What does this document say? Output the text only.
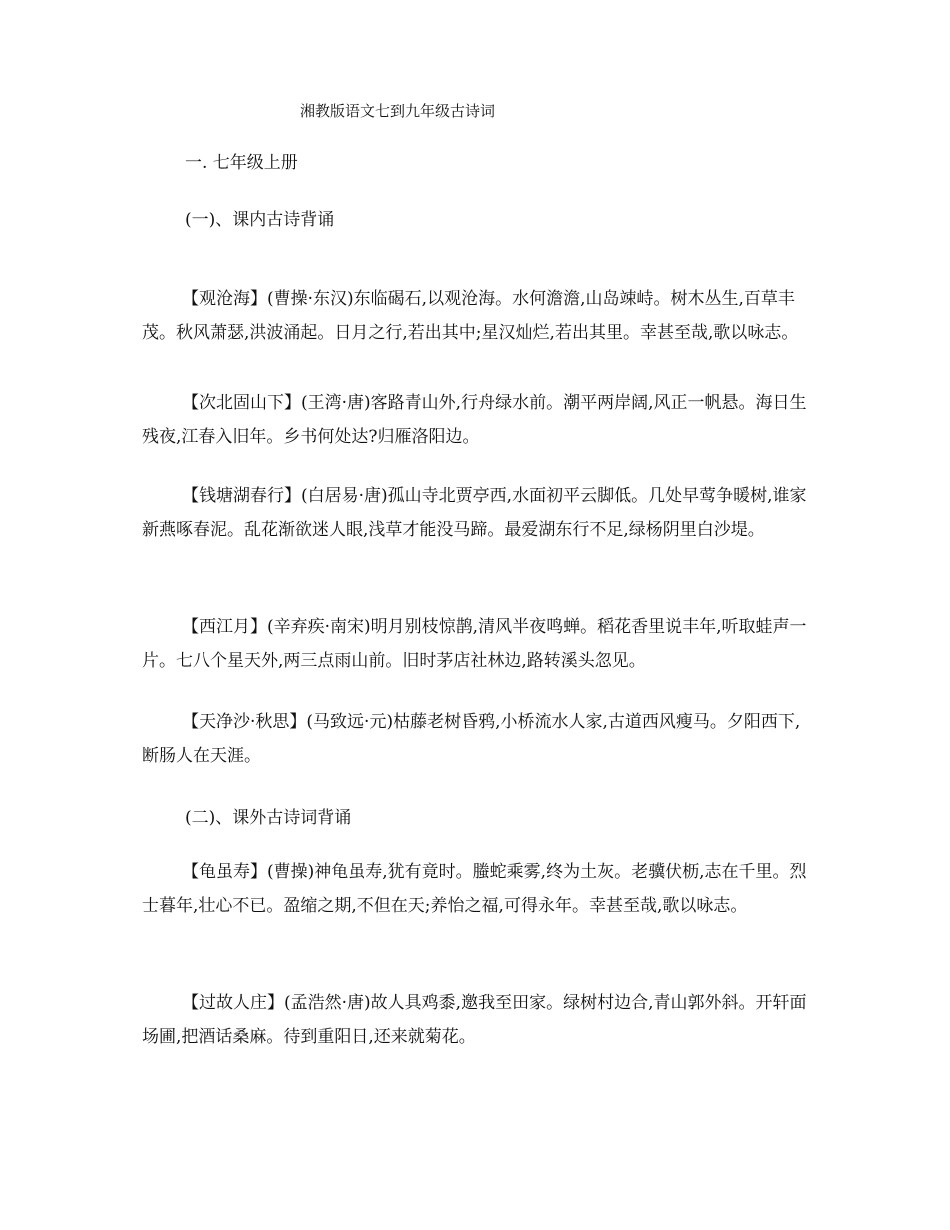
湘教版语文七到九年级古诗词
一. 七年级上册
(一)、课内古诗背诵
【观沧海】(曹操·东汉)东临碣石,以观沧海。水何澹澹,山岛竦峙。树木丛生,百草丰茂。秋风萧瑟,洪波涌起。日月之行,若出其中;星汉灿烂,若出其里。幸甚至哉,歌以咏志。
【次北固山下】(王湾·唐)客路青山外,行舟绿水前。潮平两岸阔,风正一帆悬。海日生残夜,江春入旧年。乡书何处达?归雁洛阳边。
【钱塘湖春行】(白居易·唐)孤山寺北贾亭西,水面初平云脚低。几处早莺争暖树,谁家新燕啄春泥。乱花渐欲迷人眼,浅草才能没马蹄。最爱湖东行不足,绿杨阴里白沙堤。
【西江月】(辛弃疾·南宋)明月别枝惊鹊,清风半夜鸣蝉。稻花香里说丰年,听取蛙声一片。七八个星天外,两三点雨山前。旧时茅店社林边,路转溪头忽见。
【天净沙·秋思】(马致远·元)枯藤老树昏鸦,小桥流水人家,古道西风瘦马。夕阳西下,断肠人在天涯。
(二)、课外古诗词背诵
【龟虽寿】(曹操)神龟虽寿,犹有竟时。螣蛇乘雾,终为土灰。老骥伏枥,志在千里。烈士暮年,壮心不已。盈缩之期,不但在天;养怡之福,可得永年。幸甚至哉,歌以咏志。
【过故人庄】(孟浩然·唐)故人具鸡黍,邀我至田家。绿树村边合,青山郭外斜。开轩面场圃,把酒话桑麻。待到重阳日,还来就菊花。
